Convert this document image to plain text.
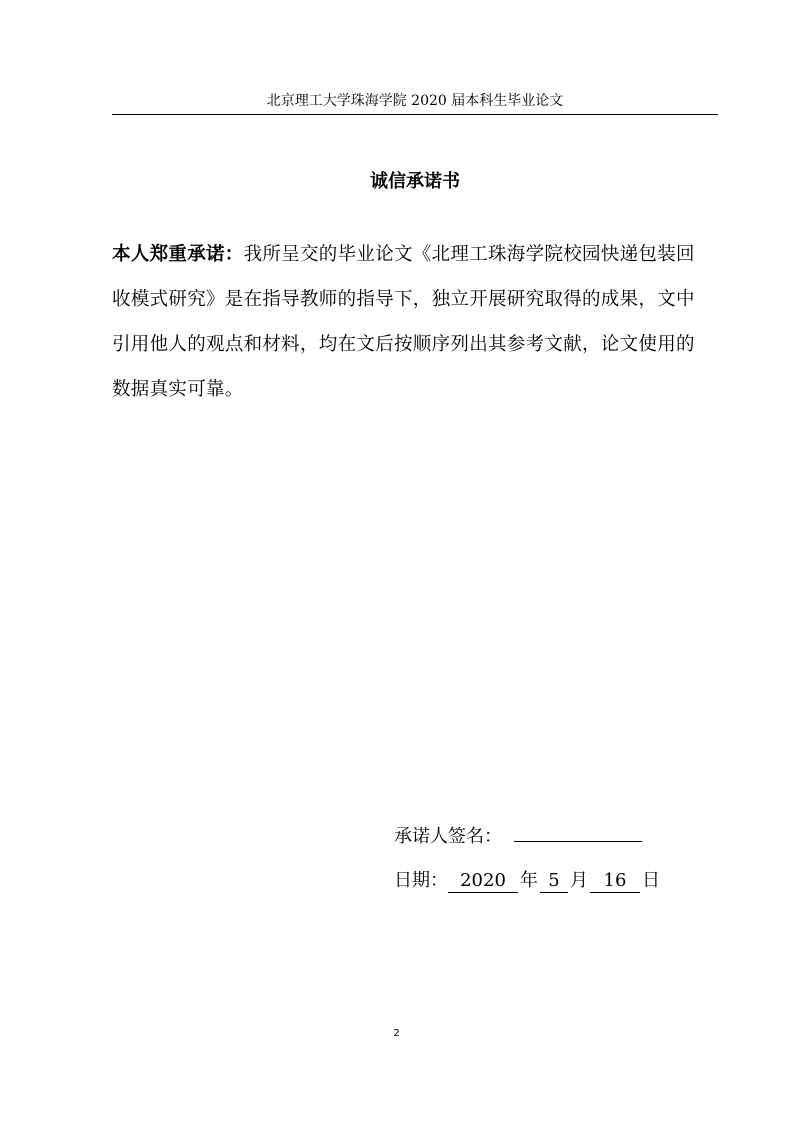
北京理工大学珠海学院 2020 届本科生毕业论文
诚信承诺书
本人郑重承诺：我所呈交的毕业论文《北理工珠海学院校园快递包装回收模式研究》是在指导教师的指导下，独立开展研究取得的成果，文中引用他人的观点和材料，均在文后按顺序列出其参考文献，论文使用的数据真实可靠。
承诺人签名：
日期： 2020 年 5 月 16 日
2
